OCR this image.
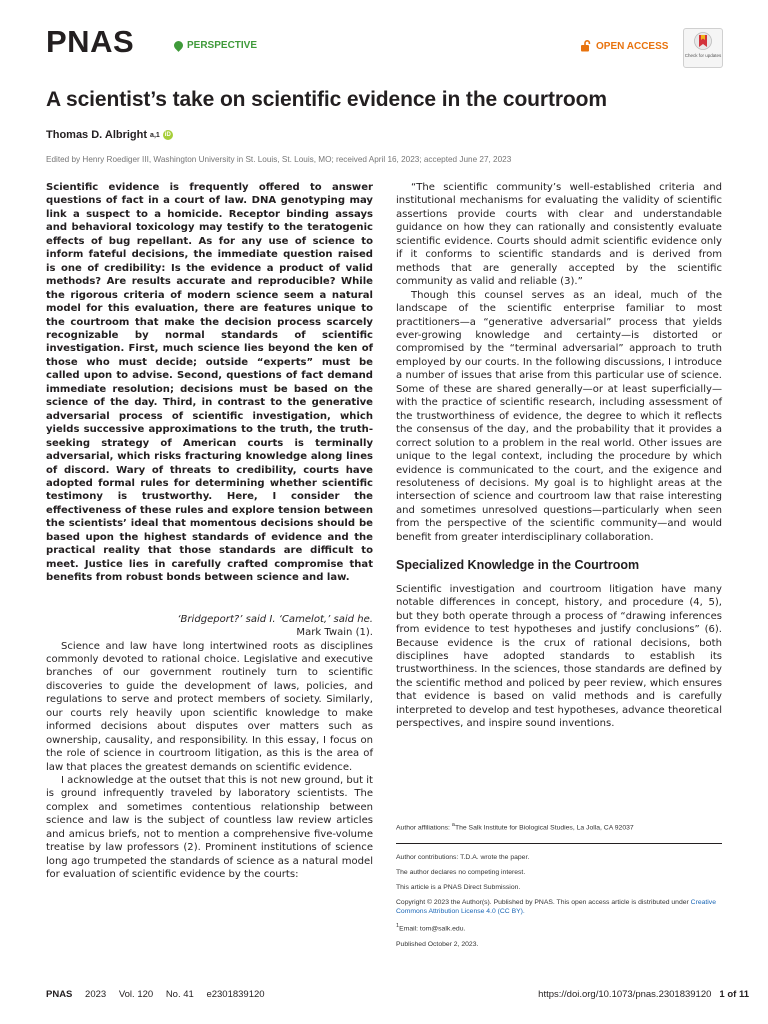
PNAS	PERSPECTIVE	OPEN ACCESS
Check for updates
A scientist’s take on scientific evidence in the courtroom
Thomas D. Albright a,1 iD
Edited by Henry Roediger III, Washington University in St. Louis, St. Louis, MO; received April 16, 2023; accepted June 27, 2023

Scientific evidence is frequently offered to answer questions of fact in a court of law. DNA genotyping may link a suspect to a homicide. Receptor binding assays and behavioral toxicology may testify to the teratogenic effects of bug repellant. As for any use of science to inform fateful decisions, the immediate question raised is one of credibility: Is the evidence a product of valid methods? Are results accurate and reproducible? While the rigorous criteria of modern science seem a natural model for this evaluation, there are features unique to the courtroom that make the decision process scarcely recognizable by normal standards of scientific investigation. First, much science lies beyond the ken of those who must decide; outside “experts” must be called upon to advise. Second, questions of fact demand immediate resolution; decisions must be based on the science of the day. Third, in contrast to the generative adversarial process of scientific investigation, which yields successive approximations to the truth, the truth-seeking strategy of American courts is terminally adversarial, which risks fracturing knowledge along lines of discord. Wary of threats to credibility, courts have adopted formal rules for determining whether scientific testimony is trustworthy. Here, I consider the effectiveness of these rules and explore tension between the scientists’ ideal that momentous decisions should be based upon the highest standards of evidence and the practical reality that those standards are difficult to meet. Justice lies in carefully crafted compromise that benefits from robust bonds between science and law.

‘Bridgeport?’ said I. ‘Camelot,’ said he.
Mark Twain (1).

Science and law have long intertwined roots as disciplines commonly devoted to rational choice. Legislative and executive branches of our government routinely turn to scientific discoveries to guide the development of laws, policies, and regulations to serve and protect members of society. Similarly, our courts rely heavily upon scientific knowledge to make informed decisions about disputes over matters such as ownership, causality, and responsibility. In this essay, I focus on the role of science in courtroom litigation, as this is the area of law that places the greatest demands on scientific evidence.

I acknowledge at the outset that this is not new ground, but it is ground infrequently traveled by laboratory scientists. The complex and sometimes contentious relationship between science and law is the subject of countless law review articles and amicus briefs, not to mention a comprehensive five-volume treatise by law professors (2). Prominent institutions of science long ago trumpeted the standards of science as a natural model for evaluation of scientific evidence by the courts:

“The scientific community’s well-established criteria and institutional mechanisms for evaluating the validity of scientific assertions provide courts with clear and understandable guidance on how they can rationally and consistently evaluate scientific evidence. Courts should admit scientific evidence only if it conforms to scientific standards and is derived from methods that are generally accepted by the scientific community as valid and reliable (3).”

Though this counsel serves as an ideal, much of the landscape of the scientific enterprise familiar to most practitioners—a “generative adversarial” process that yields ever-growing knowledge and certainty—is distorted or compromised by the “terminal adversarial” approach to truth employed by our courts. In the following discussions, I introduce a number of issues that arise from this particular use of science. Some of these are shared generally—or at least superficially—with the practice of scientific research, including assessment of the trustworthiness of evidence, the degree to which it reflects the consensus of the day, and the probability that it provides a correct solution to a problem in the real world. Other issues are unique to the legal context, including the procedure by which evidence is communicated to the court, and the exigence and resoluteness of decisions. My goal is to highlight areas at the intersection of science and courtroom law that raise interesting and sometimes unresolved questions—particularly when seen from the perspective of the scientific community—and would benefit from greater interdisciplinary collaboration.

Specialized Knowledge in the Courtroom

Scientific investigation and courtroom litigation have many notable differences in concept, history, and procedure (4, 5), but they both operate through a process of “drawing inferences from evidence to test hypotheses and justify conclusions” (6). Because evidence is the crux of rational decisions, both disciplines have adopted standards to establish its trustworthiness. In the sciences, those standards are defined by the scientific method and policed by peer review, which ensures that evidence is based on valid methods and is carefully interpreted to develop and test hypotheses, advance theoretical perspectives, and inspire sound inventions.

Author affiliations: $^a$The Salk Institute for Biological Studies, La Jolla, CA 92037

Author contributions: T.D.A. wrote the paper.

The author declares no competing interest.

This article is a PNAS Direct Submission.

Copyright © 2023 the Author(s). Published by PNAS. This open access article is distributed under Creative Commons Attribution License 4.0 (CC BY).

$^1$Email: tom@salk.edu.

Published October 2, 2023.

PNAS 2023 Vol. 120 No. 41 e2301839120	https://doi.org/10.1073/pnas.2301839120 1 of 11
